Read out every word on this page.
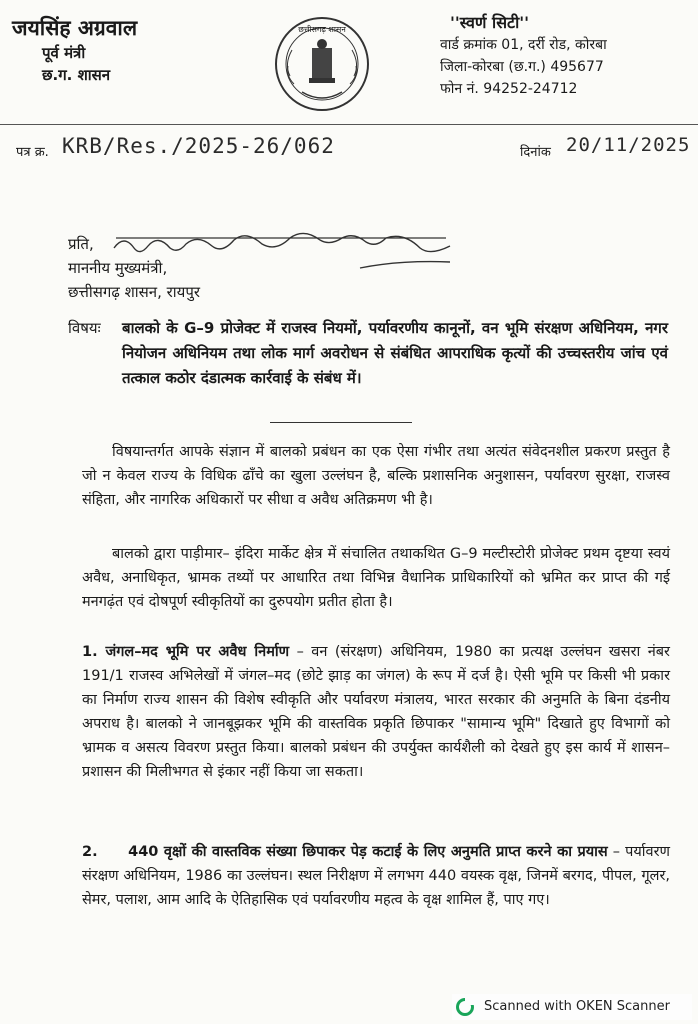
जयसिंह अग्रवाल
पूर्व मंत्री
छ.ग. शासन
छत्तीसगढ़ शासन	''स्वर्ण सिटी''
वार्ड क्रमांक 01, दर्री रोड, कोरबा
जिला-कोरबा (छ.ग.) 495677
फोन नं. 94252-24712
पत्र क्र. KRB/Res./2025-26/062	दिनांक 20/11/2025
प्रति,
माननीय मुख्यमंत्री,
छत्तीसगढ़ शासन, रायपुर
विषयः बालको के G–9 प्रोजेक्ट में राजस्व नियमों, पर्यावरणीय कानूनों, वन भूमि संरक्षण अधिनियम, नगर नियोजन अधिनियम तथा लोक मार्ग अवरोधन से संबंधित आपराधिक कृत्यों की उच्चस्तरीय जांच एवं तत्काल कठोर दंडात्मक कार्रवाई के संबंध में।
विषयान्तर्गत आपके संज्ञान में बालको प्रबंधन का एक ऐसा गंभीर तथा अत्यंत संवेदनशील प्रकरण प्रस्तुत है जो न केवल राज्य के विधिक ढाँचे का खुला उल्लंघन है, बल्कि प्रशासनिक अनुशासन, पर्यावरण सुरक्षा, राजस्व संहिता, और नागरिक अधिकारों पर सीधा व अवैध अतिक्रमण भी है।
बालको द्वारा पाड़ीमार– इंदिरा मार्केट क्षेत्र में संचालित तथाकथित G–9 मल्टीस्टोरी प्रोजेक्ट प्रथम दृष्टया स्वयं अवैध, अनाधिकृत, भ्रामक तथ्यों पर आधारित तथा विभिन्न वैधानिक प्राधिकारियों को भ्रमित कर प्राप्त की गई मनगढ़ंत एवं दोषपूर्ण स्वीकृतियों का दुरुपयोग प्रतीत होता है।
1. जंगल–मद भूमि पर अवैध निर्माण – वन (संरक्षण) अधिनियम, 1980 का प्रत्यक्ष उल्लंघन खसरा नंबर 191/1 राजस्व अभिलेखों में जंगल–मद (छोटे झाड़ का जंगल) के रूप में दर्ज है। ऐसी भूमि पर किसी भी प्रकार का निर्माण राज्य शासन की विशेष स्वीकृति और पर्यावरण मंत्रालय, भारत सरकार की अनुमति के बिना दंडनीय अपराध है। बालको ने जानबूझकर भूमि की वास्तविक प्रकृति छिपाकर "सामान्य भूमि" दिखाते हुए विभागों को भ्रामक व असत्य विवरण प्रस्तुत किया। बालको प्रबंधन की उपर्युक्त कार्यशैली को देखते हुए इस कार्य में शासन–प्रशासन की मिलीभगत से इंकार नहीं किया जा सकता।
2. 440 वृक्षों की वास्तविक संख्या छिपाकर पेड़ कटाई के लिए अनुमति प्राप्त करने का प्रयास – पर्यावरण संरक्षण अधिनियम, 1986 का उल्लंघन। स्थल निरीक्षण में लगभग 440 वयस्क वृक्ष, जिनमें बरगद, पीपल, गूलर, सेमर, पलाश, आम आदि के ऐतिहासिक एवं पर्यावरणीय महत्व के वृक्ष शामिल हैं, पाए गए।
Scanned with OKEN Scanner
